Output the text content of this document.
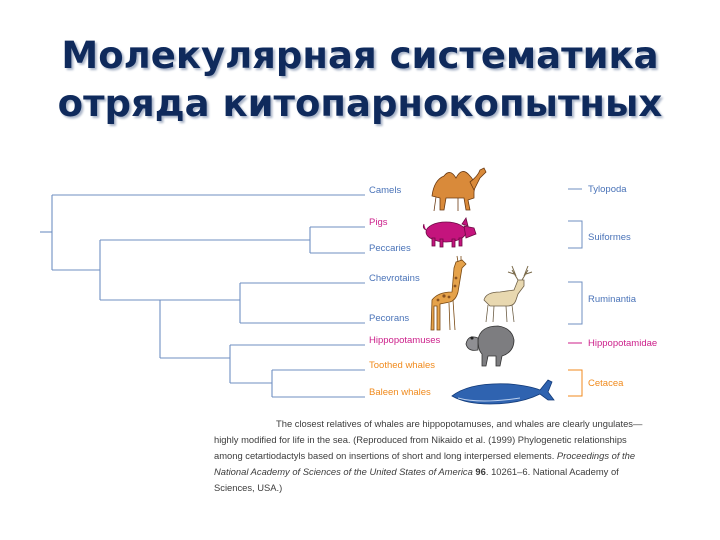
Молекулярная систематика
отряда китопарнокопытных
Camels
Pigs
Peccaries
Chevrotains
Pecorans
Hippopotamuses
Toothed whales
Baleen whales
Tylopoda
Suiformes
Ruminantia
Hippopotamidae
Cetacea
The closest relatives of whales are hippopotamuses, and whales are clearly ungulates—
highly modified for life in the sea. (Reproduced from Nikaido et al. (1999) Phylogenetic relationships
among cetartiodactyls based on insertions of short and long interpersed elements. Proceedings of the
National Academy of Sciences of the United States of America 96. 10261–6. National Academy of
Sciences, USA.)
